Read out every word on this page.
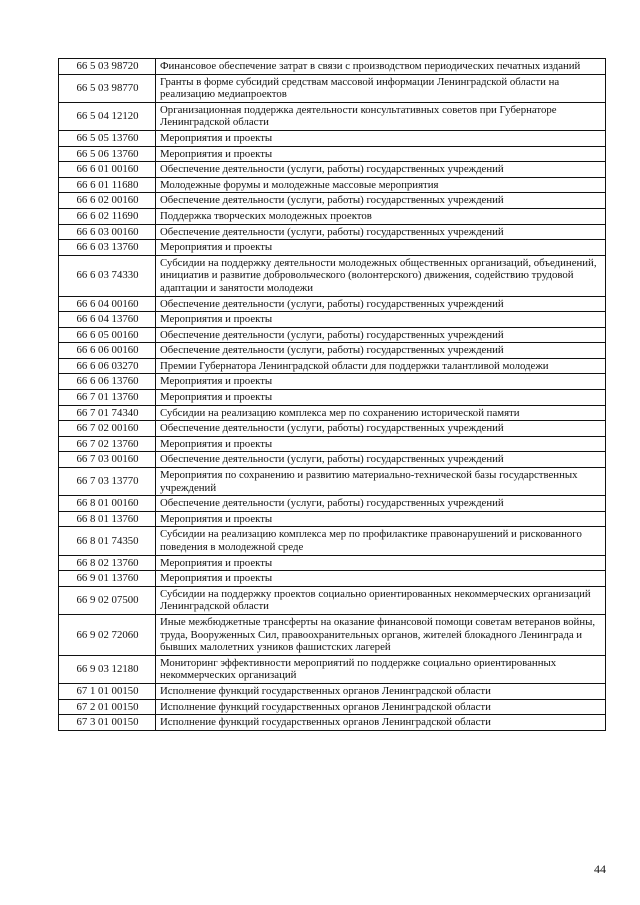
66 5 03 98720	Финансовое обеспечение затрат в связи с производством периодических печатных изданий
66 5 03 98770	Гранты в форме субсидий средствам массовой информации Ленинградской области на реализацию медиапроектов
66 5 04 12120	Организационная поддержка деятельности консультативных советов при Губернаторе Ленинградской области
66 5 05 13760	Мероприятия и проекты
66 5 06 13760	Мероприятия и проекты
66 6 01 00160	Обеспечение деятельности (услуги, работы) государственных учреждений
66 6 01 11680	Молодежные форумы и молодежные массовые мероприятия
66 6 02 00160	Обеспечение деятельности (услуги, работы) государственных учреждений
66 6 02 11690	Поддержка творческих молодежных проектов
66 6 03 00160	Обеспечение деятельности (услуги, работы) государственных учреждений
66 6 03 13760	Мероприятия и проекты
66 6 03 74330	Субсидии на поддержку деятельности молодежных общественных организаций, объединений, инициатив и развитие добровольческого (волонтерского) движения, содействию трудовой адаптации и занятости молодежи
66 6 04 00160	Обеспечение деятельности (услуги, работы) государственных учреждений
66 6 04 13760	Мероприятия и проекты
66 6 05 00160	Обеспечение деятельности (услуги, работы) государственных учреждений
66 6 06 00160	Обеспечение деятельности (услуги, работы) государственных учреждений
66 6 06 03270	Премии Губернатора Ленинградской области для поддержки талантливой молодежи
66 6 06 13760	Мероприятия и проекты
66 7 01 13760	Мероприятия и проекты
66 7 01 74340	Субсидии на реализацию комплекса мер по сохранению исторической памяти
66 7 02 00160	Обеспечение деятельности (услуги, работы) государственных учреждений
66 7 02 13760	Мероприятия и проекты
66 7 03 00160	Обеспечение деятельности (услуги, работы) государственных учреждений
66 7 03 13770	Мероприятия по сохранению и развитию материально-технической базы государственных учреждений
66 8 01 00160	Обеспечение деятельности (услуги, работы) государственных учреждений
66 8 01 13760	Мероприятия и проекты
66 8 01 74350	Субсидии на реализацию комплекса мер по профилактике правонарушений и рискованного поведения в молодежной среде
66 8 02 13760	Мероприятия и проекты
66 9 01 13760	Мероприятия и проекты
66 9 02 07500	Субсидии на поддержку проектов социально ориентированных некоммерческих организаций Ленинградской области
66 9 02 72060	Иные межбюджетные трансферты на оказание финансовой помощи советам ветеранов войны, труда, Вооруженных Сил, правоохранительных органов, жителей блокадного Ленинграда и бывших малолетних узников фашистских лагерей
66 9 03 12180	Мониторинг эффективности мероприятий по поддержке социально ориентированных некоммерческих организаций
67 1 01 00150	Исполнение функций государственных органов Ленинградской области
67 2 01 00150	Исполнение функций государственных органов Ленинградской области
67 3 01 00150	Исполнение функций государственных органов Ленинградской области
44
